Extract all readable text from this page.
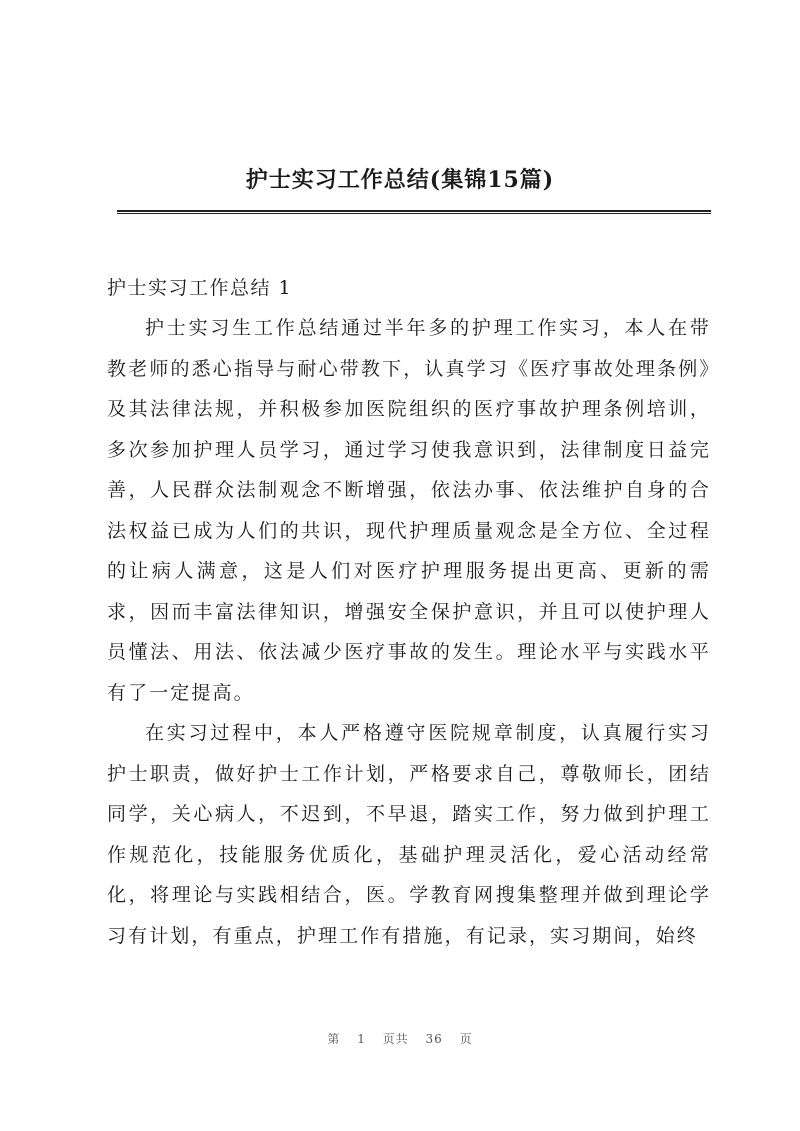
护士实习工作总结(集锦15篇)

护士实习工作总结 1

护士实习生工作总结通过半年多的护理工作实习，本人在带教老师的悉心指导与耐心带教下，认真学习《医疗事故处理条例》及其法律法规，并积极参加医院组织的医疗事故护理条例培训，多次参加护理人员学习，通过学习使我意识到，法律制度日益完善，人民群众法制观念不断增强，依法办事、依法维护自身的合法权益已成为人们的共识，现代护理质量观念是全方位、全过程的让病人满意，这是人们对医疗护理服务提出更高、更新的需求，因而丰富法律知识，增强安全保护意识，并且可以使护理人员懂法、用法、依法减少医疗事故的发生。理论水平与实践水平有了一定提高。

在实习过程中，本人严格遵守医院规章制度，认真履行实习护士职责，做好护士工作计划，严格要求自己，尊敬师长，团结同学，关心病人，不迟到，不早退，踏实工作，努力做到护理工作规范化，技能服务优质化，基础护理灵活化，爱心活动经常化，将理论与实践相结合，医。学教育网搜集整理并做到理论学习有计划，有重点，护理工作有措施，有记录，实习期间，始终

第 1 页共 36 页
